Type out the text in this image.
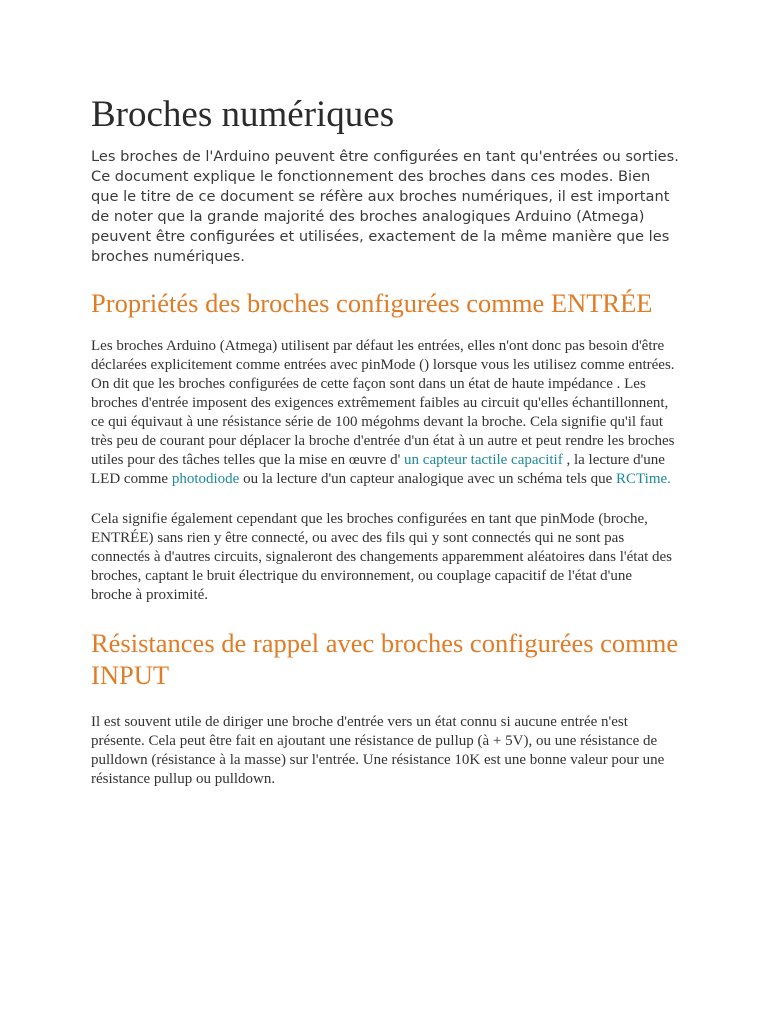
Broches numériques

Les broches de l'Arduino peuvent être configurées en tant qu'entrées ou sorties. Ce document explique le fonctionnement des broches dans ces modes. Bien que le titre de ce document se réfère aux broches numériques, il est important de noter que la grande majorité des broches analogiques Arduino (Atmega) peuvent être configurées et utilisées, exactement de la même manière que les broches numériques.

Propriétés des broches configurées comme ENTRÉE

Les broches Arduino (Atmega) utilisent par défaut les entrées, elles n'ont donc pas besoin d'être déclarées explicitement comme entrées avec pinMode () lorsque vous les utilisez comme entrées. On dit que les broches configurées de cette façon sont dans un état de haute impédance . Les broches d'entrée imposent des exigences extrêmement faibles au circuit qu'elles échantillonnent, ce qui équivaut à une résistance série de 100 mégohms devant la broche. Cela signifie qu'il faut très peu de courant pour déplacer la broche d'entrée d'un état à un autre et peut rendre les broches utiles pour des tâches telles que la mise en œuvre d' un capteur tactile capacitif , la lecture d'une LED comme photodiode ou la lecture d'un capteur analogique avec un schéma tels que RCTime.

Cela signifie également cependant que les broches configurées en tant que pinMode (broche, ENTRÉE) sans rien y être connecté, ou avec des fils qui y sont connectés qui ne sont pas connectés à d'autres circuits, signaleront des changements apparemment aléatoires dans l'état des broches, captant le bruit électrique du environnement, ou couplage capacitif de l'état d'une broche à proximité.

Résistances de rappel avec broches configurées comme INPUT

Il est souvent utile de diriger une broche d'entrée vers un état connu si aucune entrée n'est présente. Cela peut être fait en ajoutant une résistance de pullup (à + 5V), ou une résistance de pulldown (résistance à la masse) sur l'entrée. Une résistance 10K est une bonne valeur pour une résistance pullup ou pulldown.
